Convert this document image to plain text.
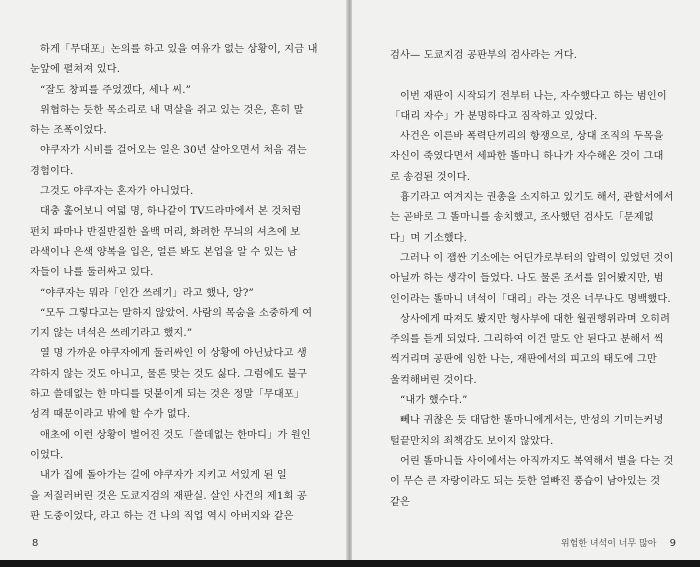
하게「무대포」논의를 하고 있을 여유가 없는 상황이, 지금 내
눈앞에 펼쳐져 있다.
“잘도 창피를 주었겠다, 세나 씨.”
위협하는 듯한 목소리로 내 멱살을 쥐고 있는 것은, 흔히 말
하는 조폭이었다.
야쿠자가 시비를 걸어오는 일은 30년 살아오면서 처음 겪는
경험이다.
그것도 야쿠자는 혼자가 아니었다.
대충 훑어보니 여덟 명, 하나같이 TV드라마에서 본 것처럼
펀치 파마나 반질반질한 올백 머리, 화려한 무늬의 셔츠에 보
라색이나 은색 양복을 입은, 얼른 봐도 본업을 알 수 있는 남
자들이 나를 둘러싸고 있다.
“야쿠자는 뭐라「인간 쓰레기」라고 했나, 앙?”
“모두 그렇다고는 말하지 않았어. 사람의 목숨을 소중하게 여
기지 않는 녀석은 쓰레기라고 했지.”
열 명 가까운 야쿠자에게 둘러싸인 이 상황에 아닌났다고 생
각하지 않는 것도 아니고, 물론 맞는 것도 싫다. 그럼에도 불구
하고 쓸데없는 한 마디를 덧붙이게 되는 것은 정말「무대포」
성격 때문이라고 밖에 할 수가 없다.
애초에 이런 상황이 벌어진 것도「쓸데없는 한마디」가 원인
이었다.
내가 집에 돌아가는 길에 야쿠자가 지키고 서있게 된 일
을 저질러버린 것은 도쿄지검의 재판실. 살인 사건의 제1회 공
판 도중이었다, 라고 하는 건 나의 직업 역시 아버지와 같은
8
검사— 도쿄지검 공판부의 검사라는 거다.
이번 재판이 시작되기 전부터 나는, 자수했다고 하는 범인이
「대리 자수」가 분명하다고 짐작하고 있었다.
사건은 이른바 폭력단끼리의 항쟁으로, 상대 조직의 두목을
자신이 죽였다면서 세파한 똘마니 하나가 자수해온 것이 그대
로 송검된 것이다.
흉기라고 여겨지는 권총을 소지하고 있기도 해서, 관할서에서
는 곧바로 그 똘마니를 송치했고, 조사했던 검사도「문제없
다」며 기소했다.
그러나 이 잽싼 기소에는 어딘가로부터의 압력이 있었던 것이
아닐까 하는 생각이 들었다. 나도 물론 조서를 읽어봤지만, 범
인이라는 똘마니 녀석이「대리」라는 것은 너무나도 명백했다.
상사에게 따져도 봤지만 형사부에 대한 월권행위라며 오히려
주의를 듣게 되었다. 그리하여 이건 말도 안 된다고 분해서 씩
씩거리며 공판에 임한 나는, 재판에서의 피고의 태도에 그만
울컥해버린 것이다.
“내가 했수다.”
뻬나 귀찮은 듯 대답한 똘마니에게서는, 반성의 기미는커녕
털끝만치의 죄책감도 보이지 않았다.
어린 똘마니들 사이에서는 아직까지도 복역해서 별을 다는 것
이 무슨 큰 자랑이라도 되는 듯한 얼빠진 풍습이 남아있는 것
같은
위험한 녀석이 너무 많아 9
